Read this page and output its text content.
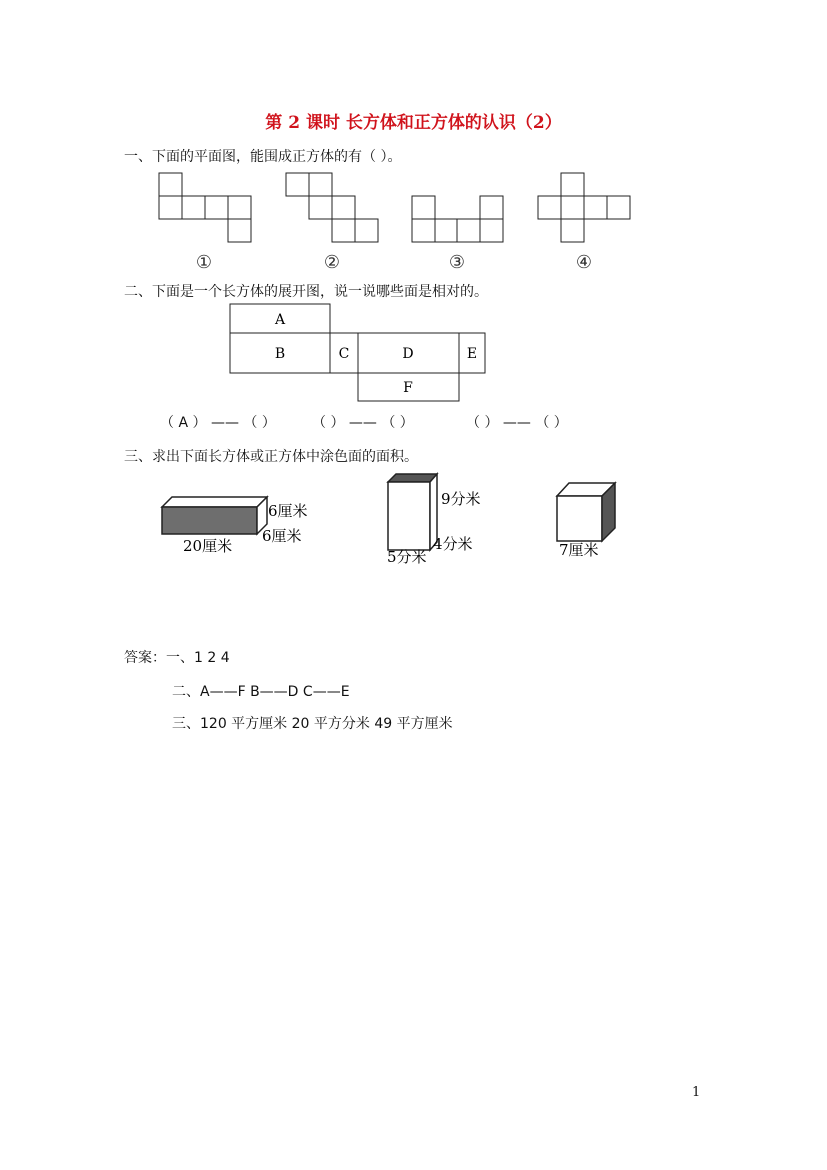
第 2 课时 长方体和正方体的认识（2）
一、下面的平面图，能围成正方体的有（ ）。
①	②	③	④
二、下面是一个长方体的展开图，说一说哪些面是相对的。
A
B	C	D	E
F
（ A ） —— （ ）	（ ） —— （ ）	（ ） —— （ ）
三、求出下面长方体或正方体中涂色面的面积。
6厘米
6厘米
20厘米
9分米
4分米
5分米	7厘米
答案：一、1 2 4
二、A——F B——D C——E
三、120 平方厘米 20 平方分米 49 平方厘米
1
